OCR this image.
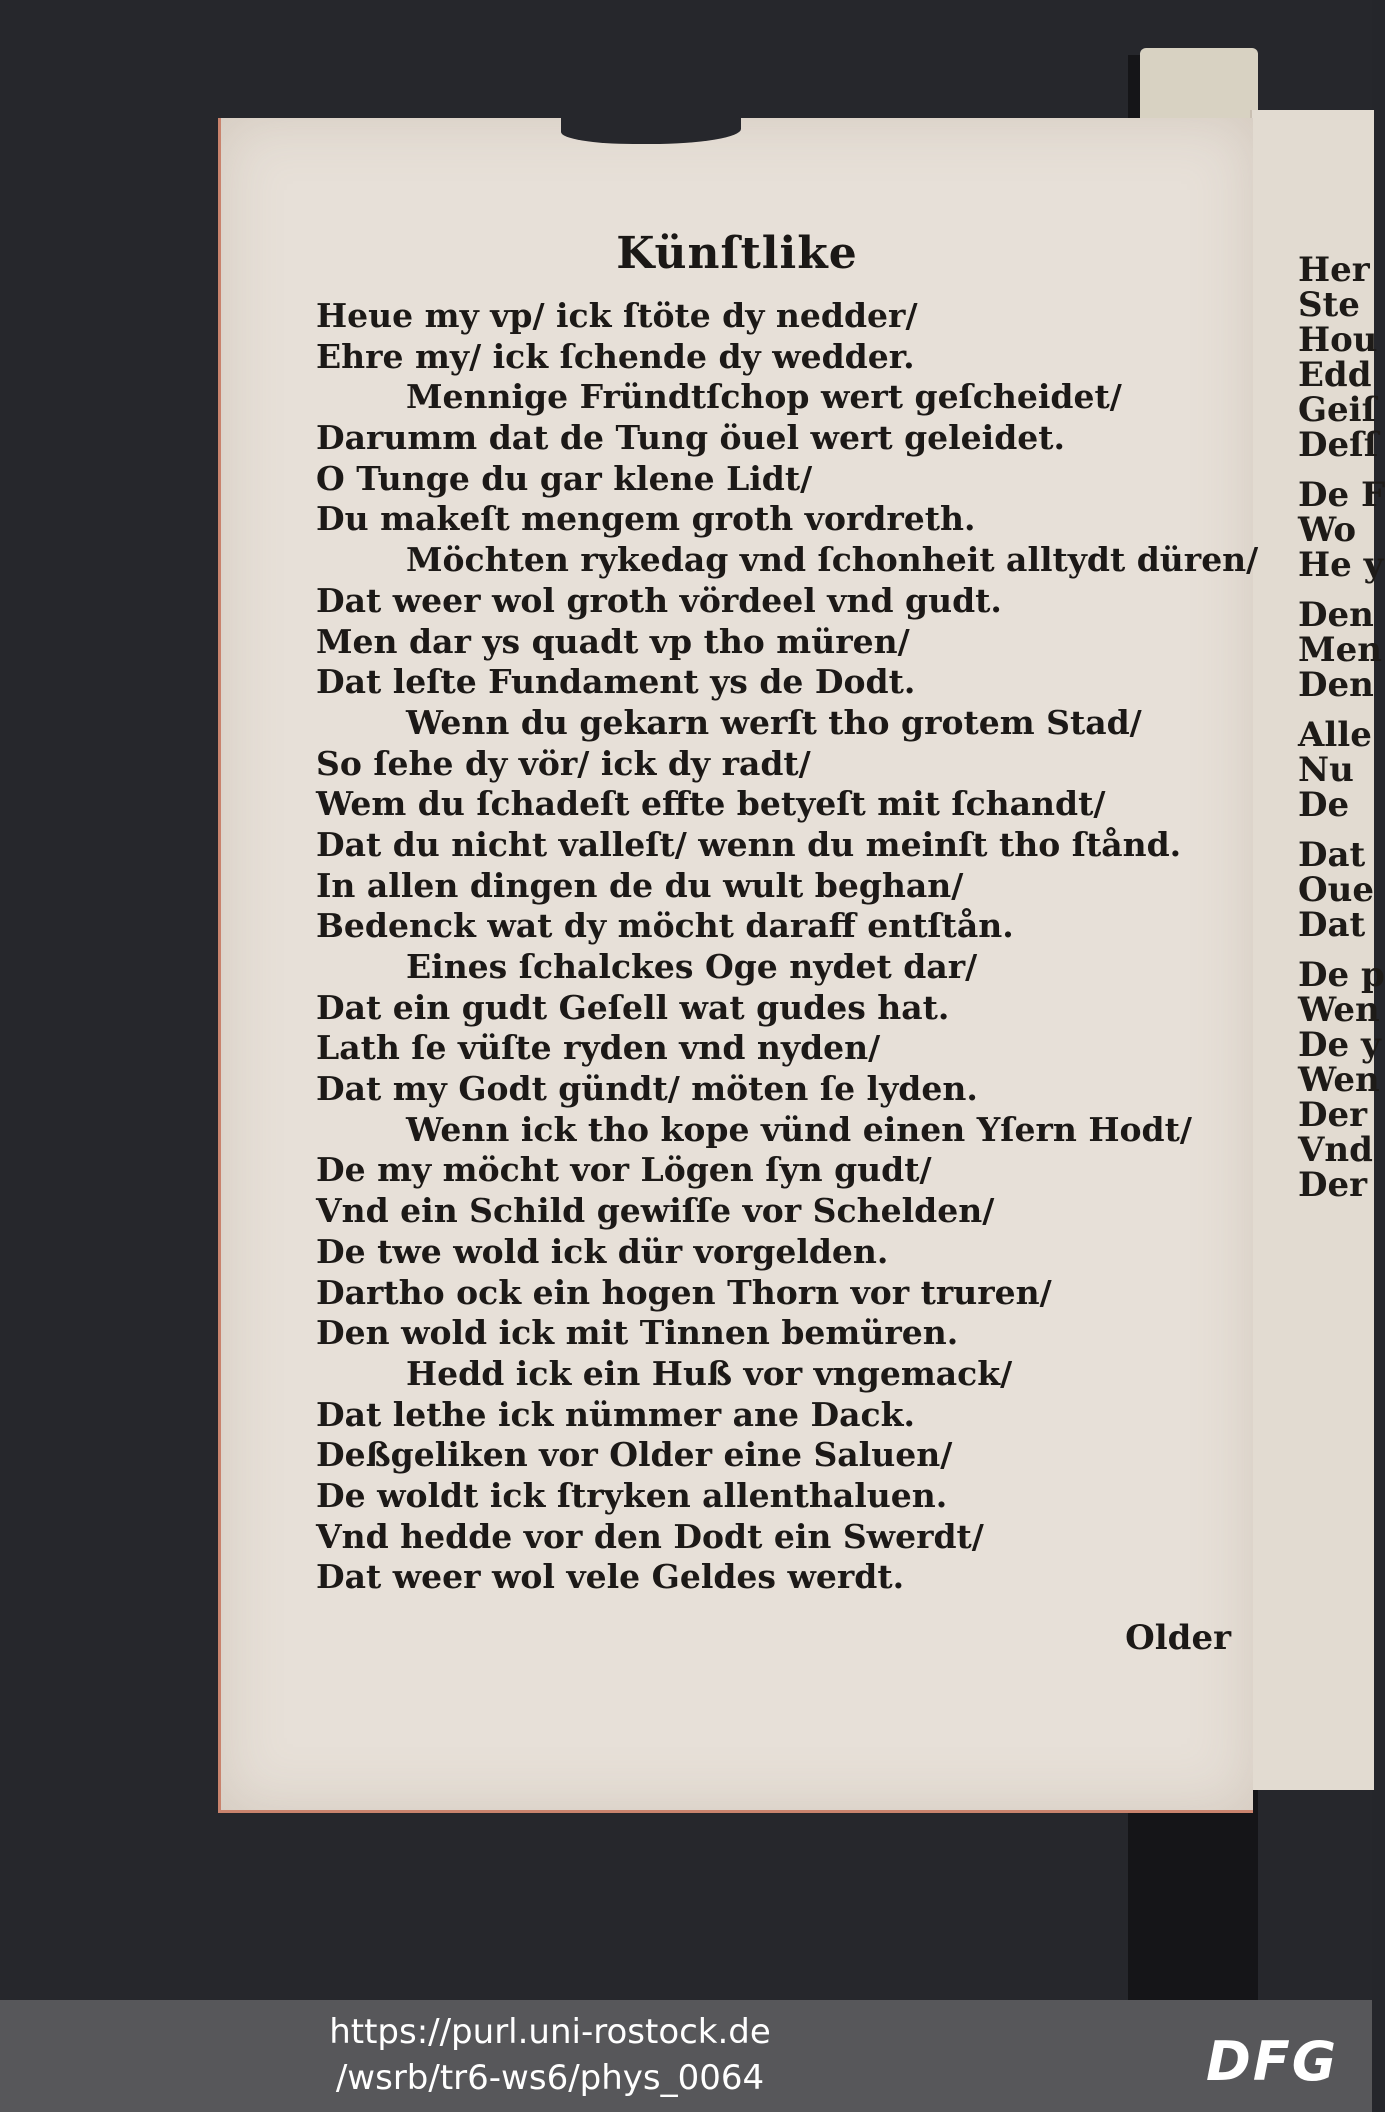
Her
Ste
Hou
Edd
Geiſ
Deſſ
De F
Wo
He y
Den
Men
Den
Alle
Nu
De
Dat
Oue
Dat
De p
Wen
De y
Wen
Der
Vnd
Der
Künſtlike
Heue my vp/ ick ſtöte dy nedder/
Ehre my/ ick ſchende dy wedder.
Mennige Fründtſchop wert geſcheidet/
Darumm dat de Tung öuel wert geleidet.
O Tunge du gar klene Lidt/
Du makeſt mengem groth vordreth.
Möchten rykedag vnd ſchonheit alltydt düren/
Dat weer wol groth vördeel vnd gudt.
Men dar ys quadt vp tho müren/
Dat leſte Fundament ys de Dodt.
Wenn du gekarn werſt tho grotem Stad/
So ſehe dy vör/ ick dy radt/
Wem du ſchadeſt effte betyeſt mit ſchandt/
Dat du nicht valleſt/ wenn du meinſt tho ſtånd.
In allen dingen de du wult beghan/
Bedenck wat dy möcht daraff entſtån.
Eines ſchalckes Oge nydet dar/
Dat ein gudt Geſell wat gudes hat.
Lath ſe vüſte ryden vnd nyden/
Dat my Godt gündt/ möten ſe lyden.
Wenn ick tho kope vünd einen Yſern Hodt/
De my möcht vor Lögen ſyn gudt/
Vnd ein Schild gewiſſe vor Schelden/
De twe wold ick dür vorgelden.
Dartho ock ein hogen Thorn vor truren/
Den wold ick mit Tinnen bemüren.
Hedd ick ein Huß vor vngemack/
Dat lethe ick nümmer ane Dack.
Deßgeliken vor Older eine Saluen/
De woldt ick ſtryken allenthaluen.
Vnd hedde vor den Dodt ein Swerdt/
Dat weer wol vele Geldes werdt.
Older
https://purl.uni-rostock.de
/wsrb/tr6-ws6/phys_0064	DFG
